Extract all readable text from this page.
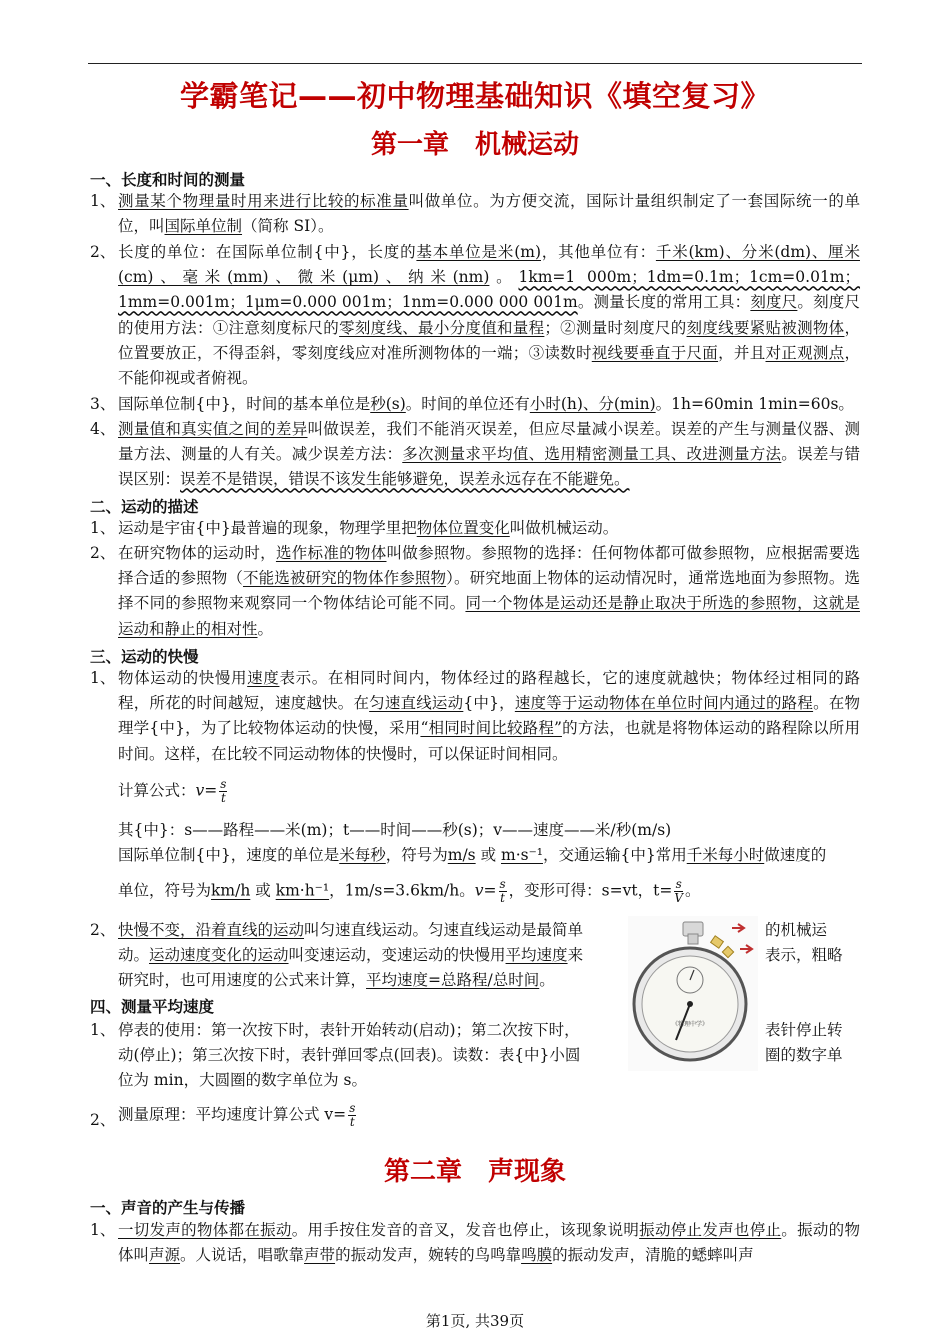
学霸笔记——初中物理基础知识《填空复习》
第一章　机械运动
一、长度和时间的测量
1、 测量某个物理量时用来进行比较的标准量叫做单位。为方便交流，国际计量组织制定了一套国际统一的单位，叫国际单位制（简称 SI）。
2、 长度的单位：在国际单位制{中}，长度的基本单位是米(m)，其他单位有：千米(km)、分米(dm)、厘米(cm)、毫米(mm)、微米(μm)、纳米(nm)。1km=1 000m；1dm=0.1m；1cm=0.01m；1mm=0.001m；1μm=0.000 001m；1nm=0.000 000 001m。测量长度的常用工具：刻度尺。刻度尺的使用方法：①注意刻度标尺的零刻度线、最小分度值和量程；②测量时刻度尺的刻度线要紧贴被测物体，位置要放正，不得歪斜，零刻度线应对准所测物体的一端；③读数时视线要垂直于尺面，并且对正观测点，不能仰视或者俯视。
3、 国际单位制{中}，时间的基本单位是秒(s)。时间的单位还有小时(h)、分(min)。1h=60min 1min=60s。
4、 测量值和真实值之间的差异叫做误差，我们不能消灭误差，但应尽量减小误差。误差的产生与测量仪器、测量方法、测量的人有关。减少误差方法：多次测量求平均值、选用精密测量工具、改进测量方法。误差与错误区别：误差不是错误，错误不该发生能够避免，误差永远存在不能避免。
二、运动的描述
1、 运动是宇宙{中}最普遍的现象，物理学里把物体位置变化叫做机械运动。
2、 在研究物体的运动时，选作标准的物体叫做参照物。参照物的选择：任何物体都可做参照物，应根据需要选择合适的参照物（不能选被研究的物体作参照物）。研究地面上物体的运动情况时，通常选地面为参照物。选择不同的参照物来观察同一个物体结论可能不同。同一个物体是运动还是静止取决于所选的参照物，这就是运动和静止的相对性。
三、运动的快慢
1、 物体运动的快慢用速度表示。在相同时间内，物体经过的路程越长，它的速度就越快；物体经过相同的路程，所花的时间越短，速度越快。在匀速直线运动{中}，速度等于运动物体在单位时间内通过的路程。在物理学{中}，为了比较物体运动的快慢，采用“相同时间比较路程”的方法，也就是将物体运动的路程除以所用时间。这样，在比较不同运动物体的快慢时，可以保证时间相同。
计算公式：$v= \frac{s}{t}$
其{中}：s——路程——米(m)；t——时间——秒(s)；v——速度——米/秒(m/s)
国际单位制{中}，速度的单位是米每秒，符号为m/s 或 m·s⁻¹，交通运输{中}常用千米每小时做速度的
单位，符号为km/h 或 km·h⁻¹，1m/s=3.6km/h。$v= \frac{s}{t}$ ，变形可得：s=vt，$t= \frac{s}{V}$ 。
2、 快慢不变，沿着直线的运动叫匀速直线运动。匀速直线运动是最简单
动。运动速度变化的运动叫变速运动，变速运动的快慢用平均速度来
研究时，也可用速度的公式来计算，平均速度=总路程/总时间。
的机械运
表示，粗略
四、测量平均速度
1、 停表的使用：第一次按下时，表针开始转动(启动)；第二次按下时，
动(停止)；第三次按下时，表针弹回零点(回表)。读数：表{中}小圆
位为 min，大圆圈的数字单位为 s。
表针停止转
圈的数字单
2、 测量原理：平均速度计算公式 $v= \frac{s}{t}$
第二章　声现象
一、声音的产生与传播
1、 一切发声的物体都在振动。用手按住发音的音叉，发音也停止，该现象说明振动停止发声也停止。振动的物体叫声源。人说话，唱歌靠声带的振动发声，婉转的鸟鸣靠鸣膜的振动发声，清脆的蟋蟀叫声
《物理中学》
第1页, 共39页
